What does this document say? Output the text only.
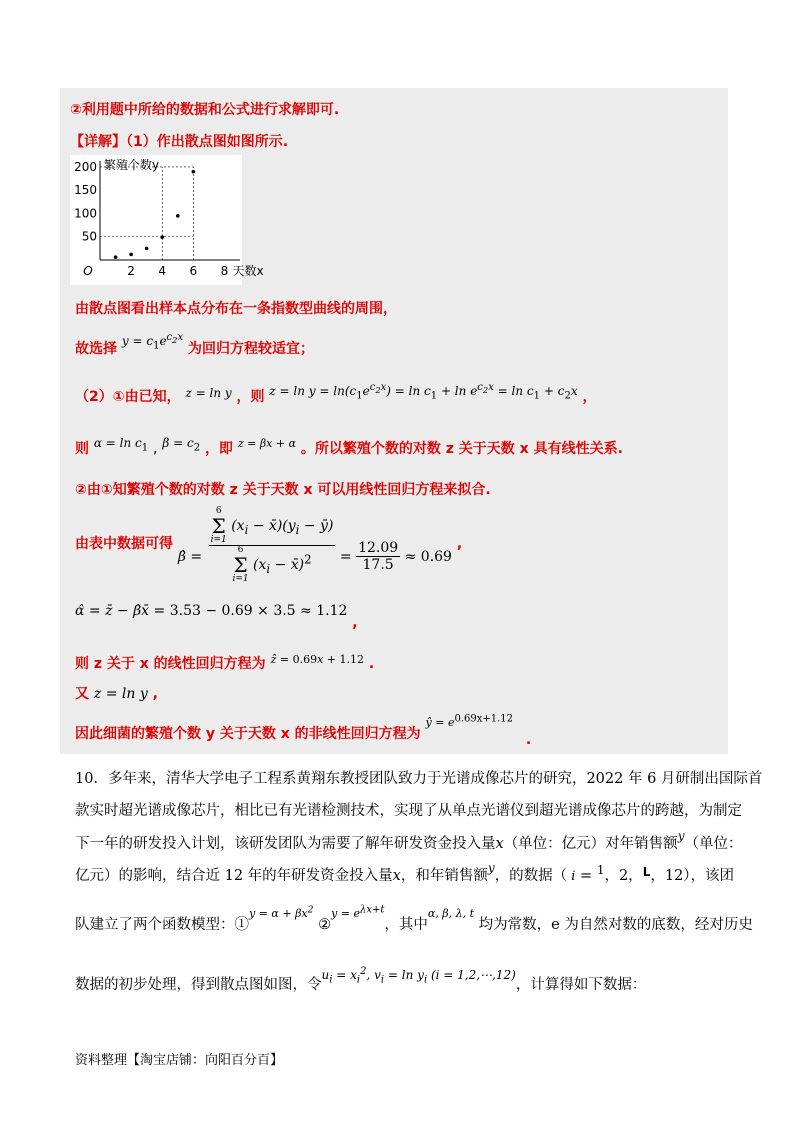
②利用题中所给的数据和公式进行求解即可.
【详解】（1）作出散点图如图所示.
2 4 6 8
50
100
150
200
O
繁殖个数y
天数x
由散点图看出样本点分布在一条指数型曲线的周围，
故选择 $y = c_1e^{c_2x}$ 为回归方程较适宜；
（2）①由已知， z = ln y ，则 $z = \ln y = \ln(c_1e^{c_2x}) = \ln c_1 + \ln e^{c_2x} = \ln c_1 + c_2x$ ，
则 $\alpha = \ln c_1$ , $\beta = c_2$ ，即 $^{z = \beta x + \alpha}$ 。所以繁殖个数的对数 z 关于天数 x 具有线性关系.
②由①知繁殖个数的对数 z 关于天数 x 可以用线性回归方程来拟合.
由表中数据可得 β̂ = 6
Σ
i=1 ($x_i$ − $x̄)(y_i$ − ȳ)
6
Σ
i=1 ($x_i$ − x̄)$^2$ = $\frac{12.09}{17.5} \approx 0.69$ ,
α̂ = z̄ − β̂x̄ = 3.53 − 0.69 × 3.5 ≈ 1.12 ,
则 z 关于 x 的线性回归方程为 $^{ẑ = 0.69x + 1.12}$ .
又 z = ln y ,
因此细菌的繁殖个数 y 关于天数 x 的非线性回归方程为 $^{ŷ = e^{0.69x+1.12}}$ .
10．多年来，清华大学电子工程系黄翔东教授团队致力于光谱成像芯片的研究，2022 年 6 月研制出国际首
款实时超光谱成像芯片，相比已有光谱检测技术，实现了从单点光谱仪到超光谱成像芯片的跨越，为制定
下一年的研发投入计划，该研发团队为需要了解年研发资金投入量x（单位：亿元）对年销售额$^y$（单位：
亿元）的影响，结合近 12 年的年研发资金投入量x，和年销售额$^y$，的数据（ i = $^1$，2，$^L$，12），该团
队建立了两个函数模型：①$^{y = \alpha + \beta x^2}$ ②$^{y = e^{\lambda x+t}}$，其中$^{\alpha, \beta, \lambda, t}$ 均为常数，e 为自然对数的底数，经对历史
数据的初步处理，得到散点图如图，令$^{u_i = x_i^2, v_i = ln y_i (i = 1,2,\cdots,12)}$，计算得如下数据：
资料整理【淘宝店铺：向阳百分百】
